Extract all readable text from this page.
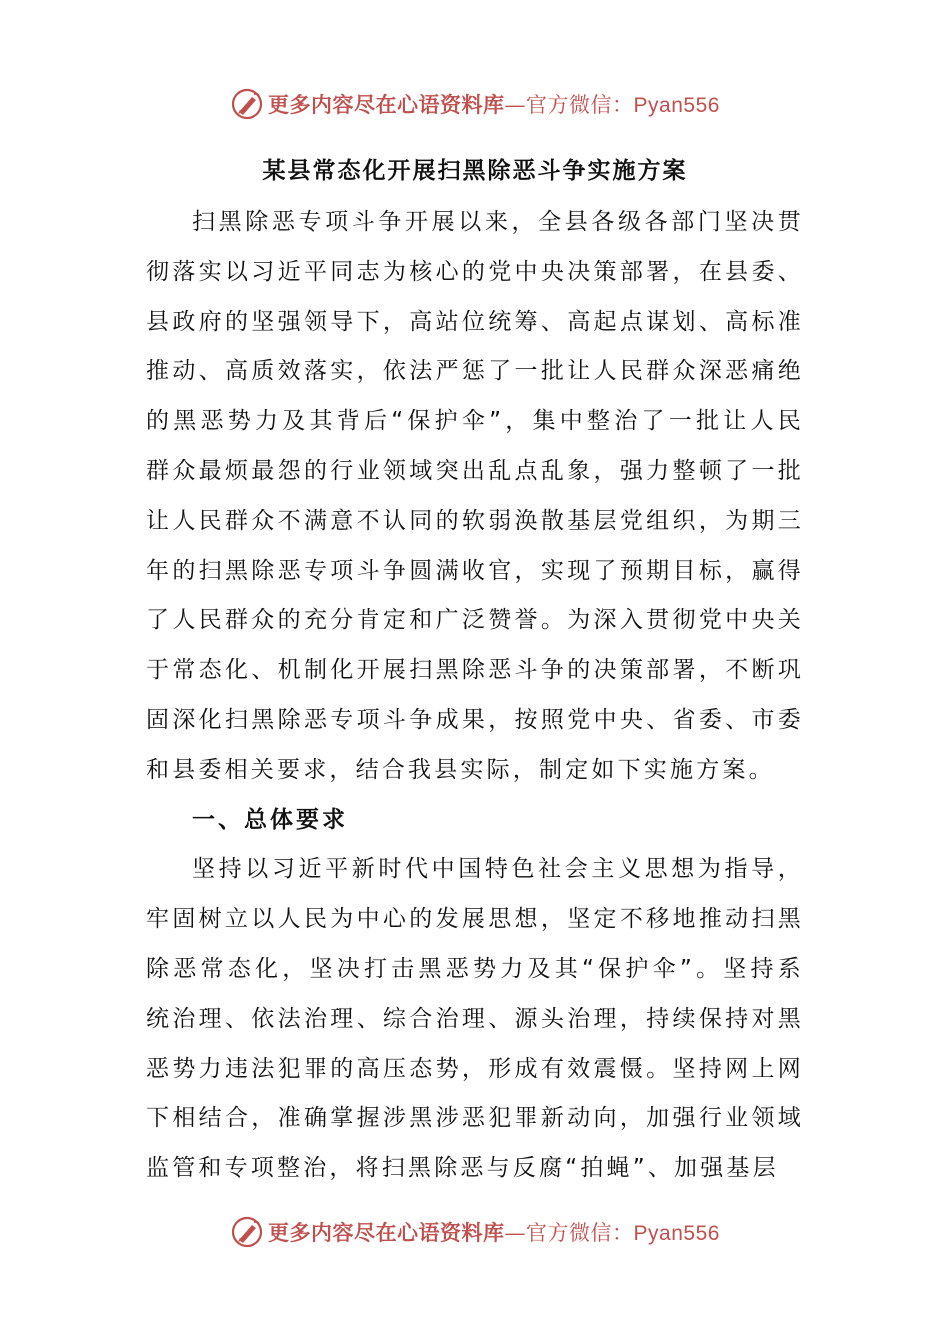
更多内容尽在心语资料库—官方微信：Pyan556
某县常态化开展扫黑除恶斗争实施方案

扫黑除恶专项斗争开展以来，全县各级各部门坚决贯彻落实以习近平同志为核心的党中央决策部署，在县委、县政府的坚强领导下，高站位统筹、高起点谋划、高标准推动、高质效落实，依法严惩了一批让人民群众深恶痛绝的黑恶势力及其背后“保护伞”，集中整治了一批让人民群众最烦最怨的行业领域突出乱点乱象，强力整顿了一批让人民群众不满意不认同的软弱涣散基层党组织，为期三年的扫黑除恶专项斗争圆满收官，实现了预期目标，赢得了人民群众的充分肯定和广泛赞誉。为深入贯彻党中央关于常态化、机制化开展扫黑除恶斗争的决策部署，不断巩固深化扫黑除恶专项斗争成果，按照党中央、省委、市委和县委相关要求，结合我县实际，制定如下实施方案。

一、总体要求

坚持以习近平新时代中国特色社会主义思想为指导，牢固树立以人民为中心的发展思想，坚定不移地推动扫黑除恶常态化，坚决打击黑恶势力及其“保护伞”。坚持系统治理、依法治理、综合治理、源头治理，持续保持对黑恶势力违法犯罪的高压态势，形成有效震慑。坚持网上网下相结合，准确掌握涉黑涉恶犯罪新动向，加强行业领域监管和专项整治，将扫黑除恶与反腐“拍蝇”、加强基层

更多内容尽在心语资料库—官方微信：Pyan556
